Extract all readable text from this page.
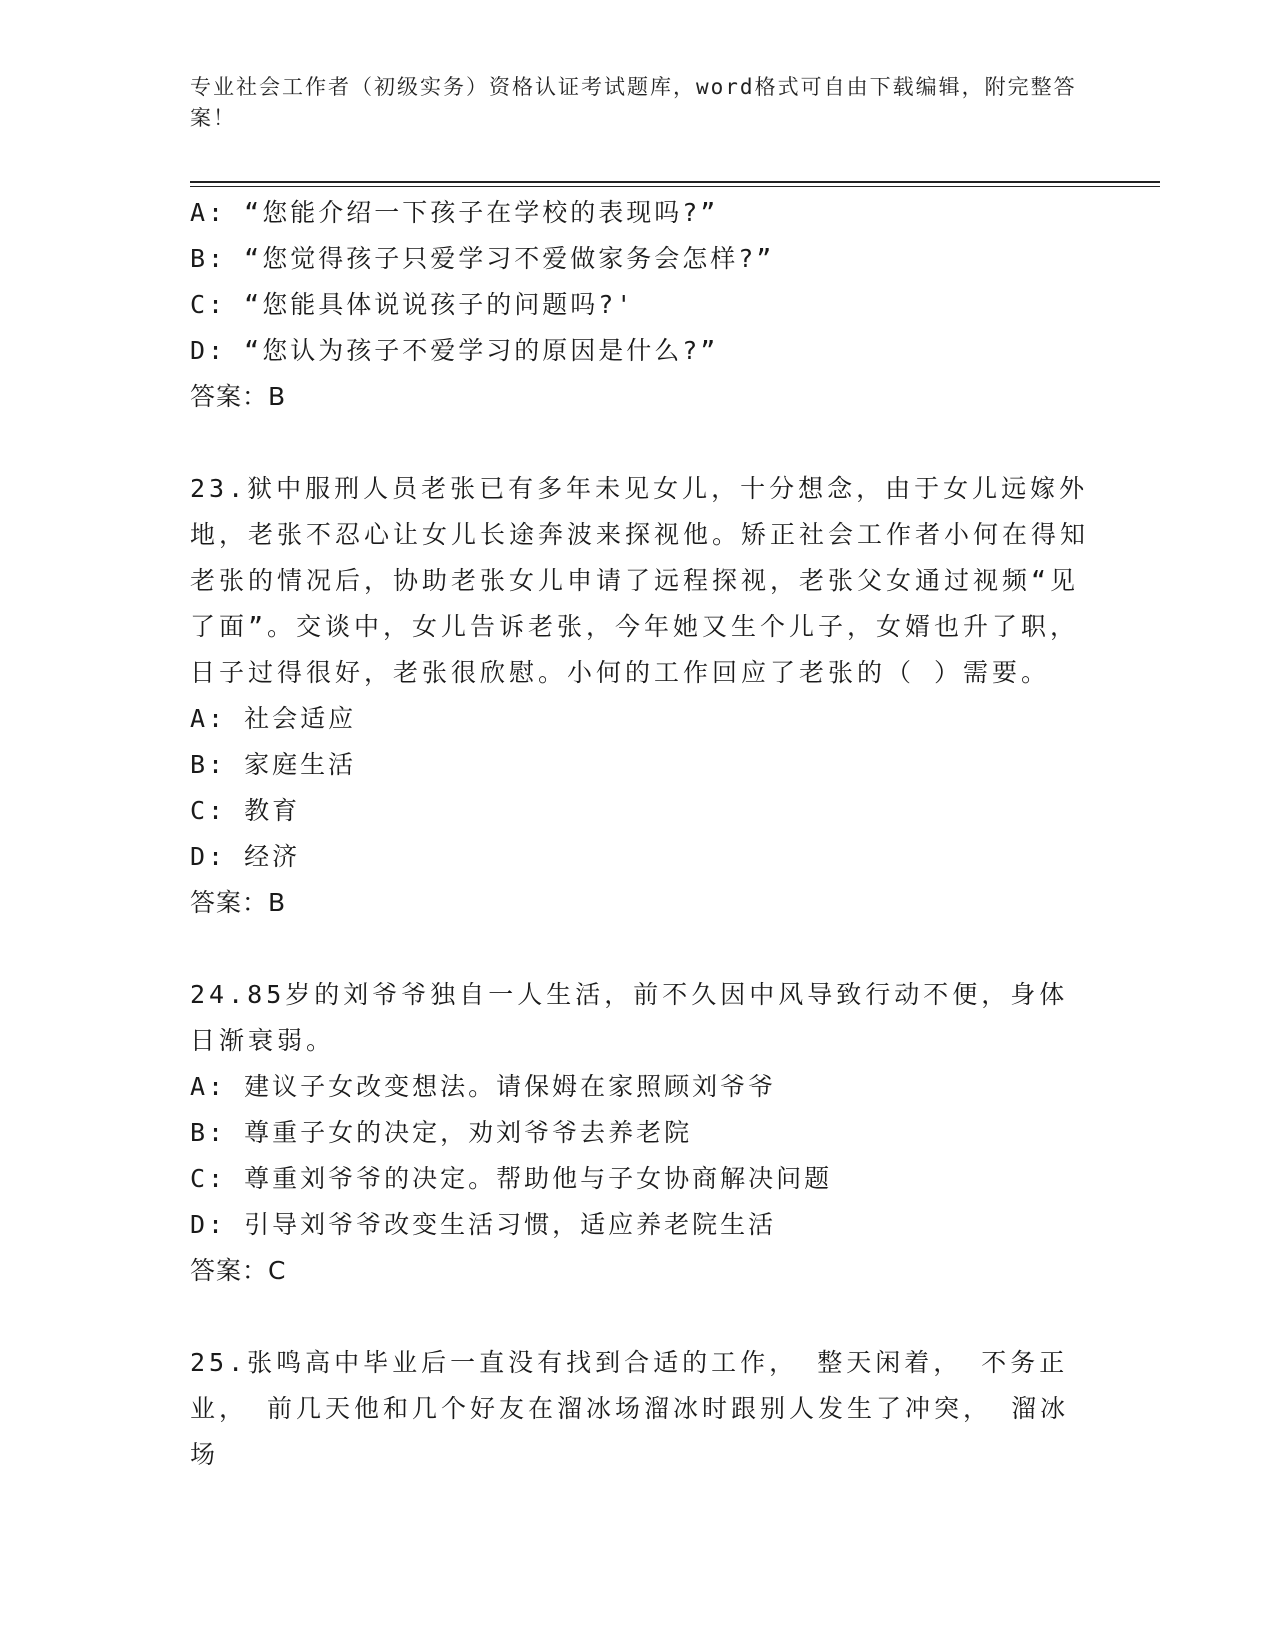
专业社会工作者（初级实务）资格认证考试题库，word格式可自由下载编辑，附完整答案！
A: “您能介绍一下孩子在学校的表现吗?”
B: “您觉得孩子只爱学习不爱做家务会怎样?”
C: “您能具体说说孩子的问题吗?'
D: “您认为孩子不爱学习的原因是什么?”
答案：B
23.狱中服刑人员老张已有多年未见女儿，十分想念，由于女儿远嫁外地，老张不忍心让女儿长途奔波来探视他。矫正社会工作者小何在得知老张的情况后，协助老张女儿申请了远程探视，老张父女通过视频“见了面”。交谈中，女儿告诉老张，今年她又生个儿子，女婿也升了职，日子过得很好，老张很欣慰。小何的工作回应了老张的（ ）需要。
A: 社会适应
B: 家庭生活
C: 教育
D: 经济
答案：B
24.85岁的刘爷爷独自一人生活，前不久因中风导致行动不便，身体日渐衰弱。
A: 建议子女改变想法。请保姆在家照顾刘爷爷
B: 尊重子女的决定，劝刘爷爷去养老院
C: 尊重刘爷爷的决定。帮助他与子女协商解决问题
D: 引导刘爷爷改变生活习惯，适应养老院生活
答案：C
25.张鸣高中毕业后一直没有找到合适的工作， 整天闲着， 不务正业， 前几天他和几个好友在溜冰场溜冰时跟别人发生了冲突， 溜冰场
